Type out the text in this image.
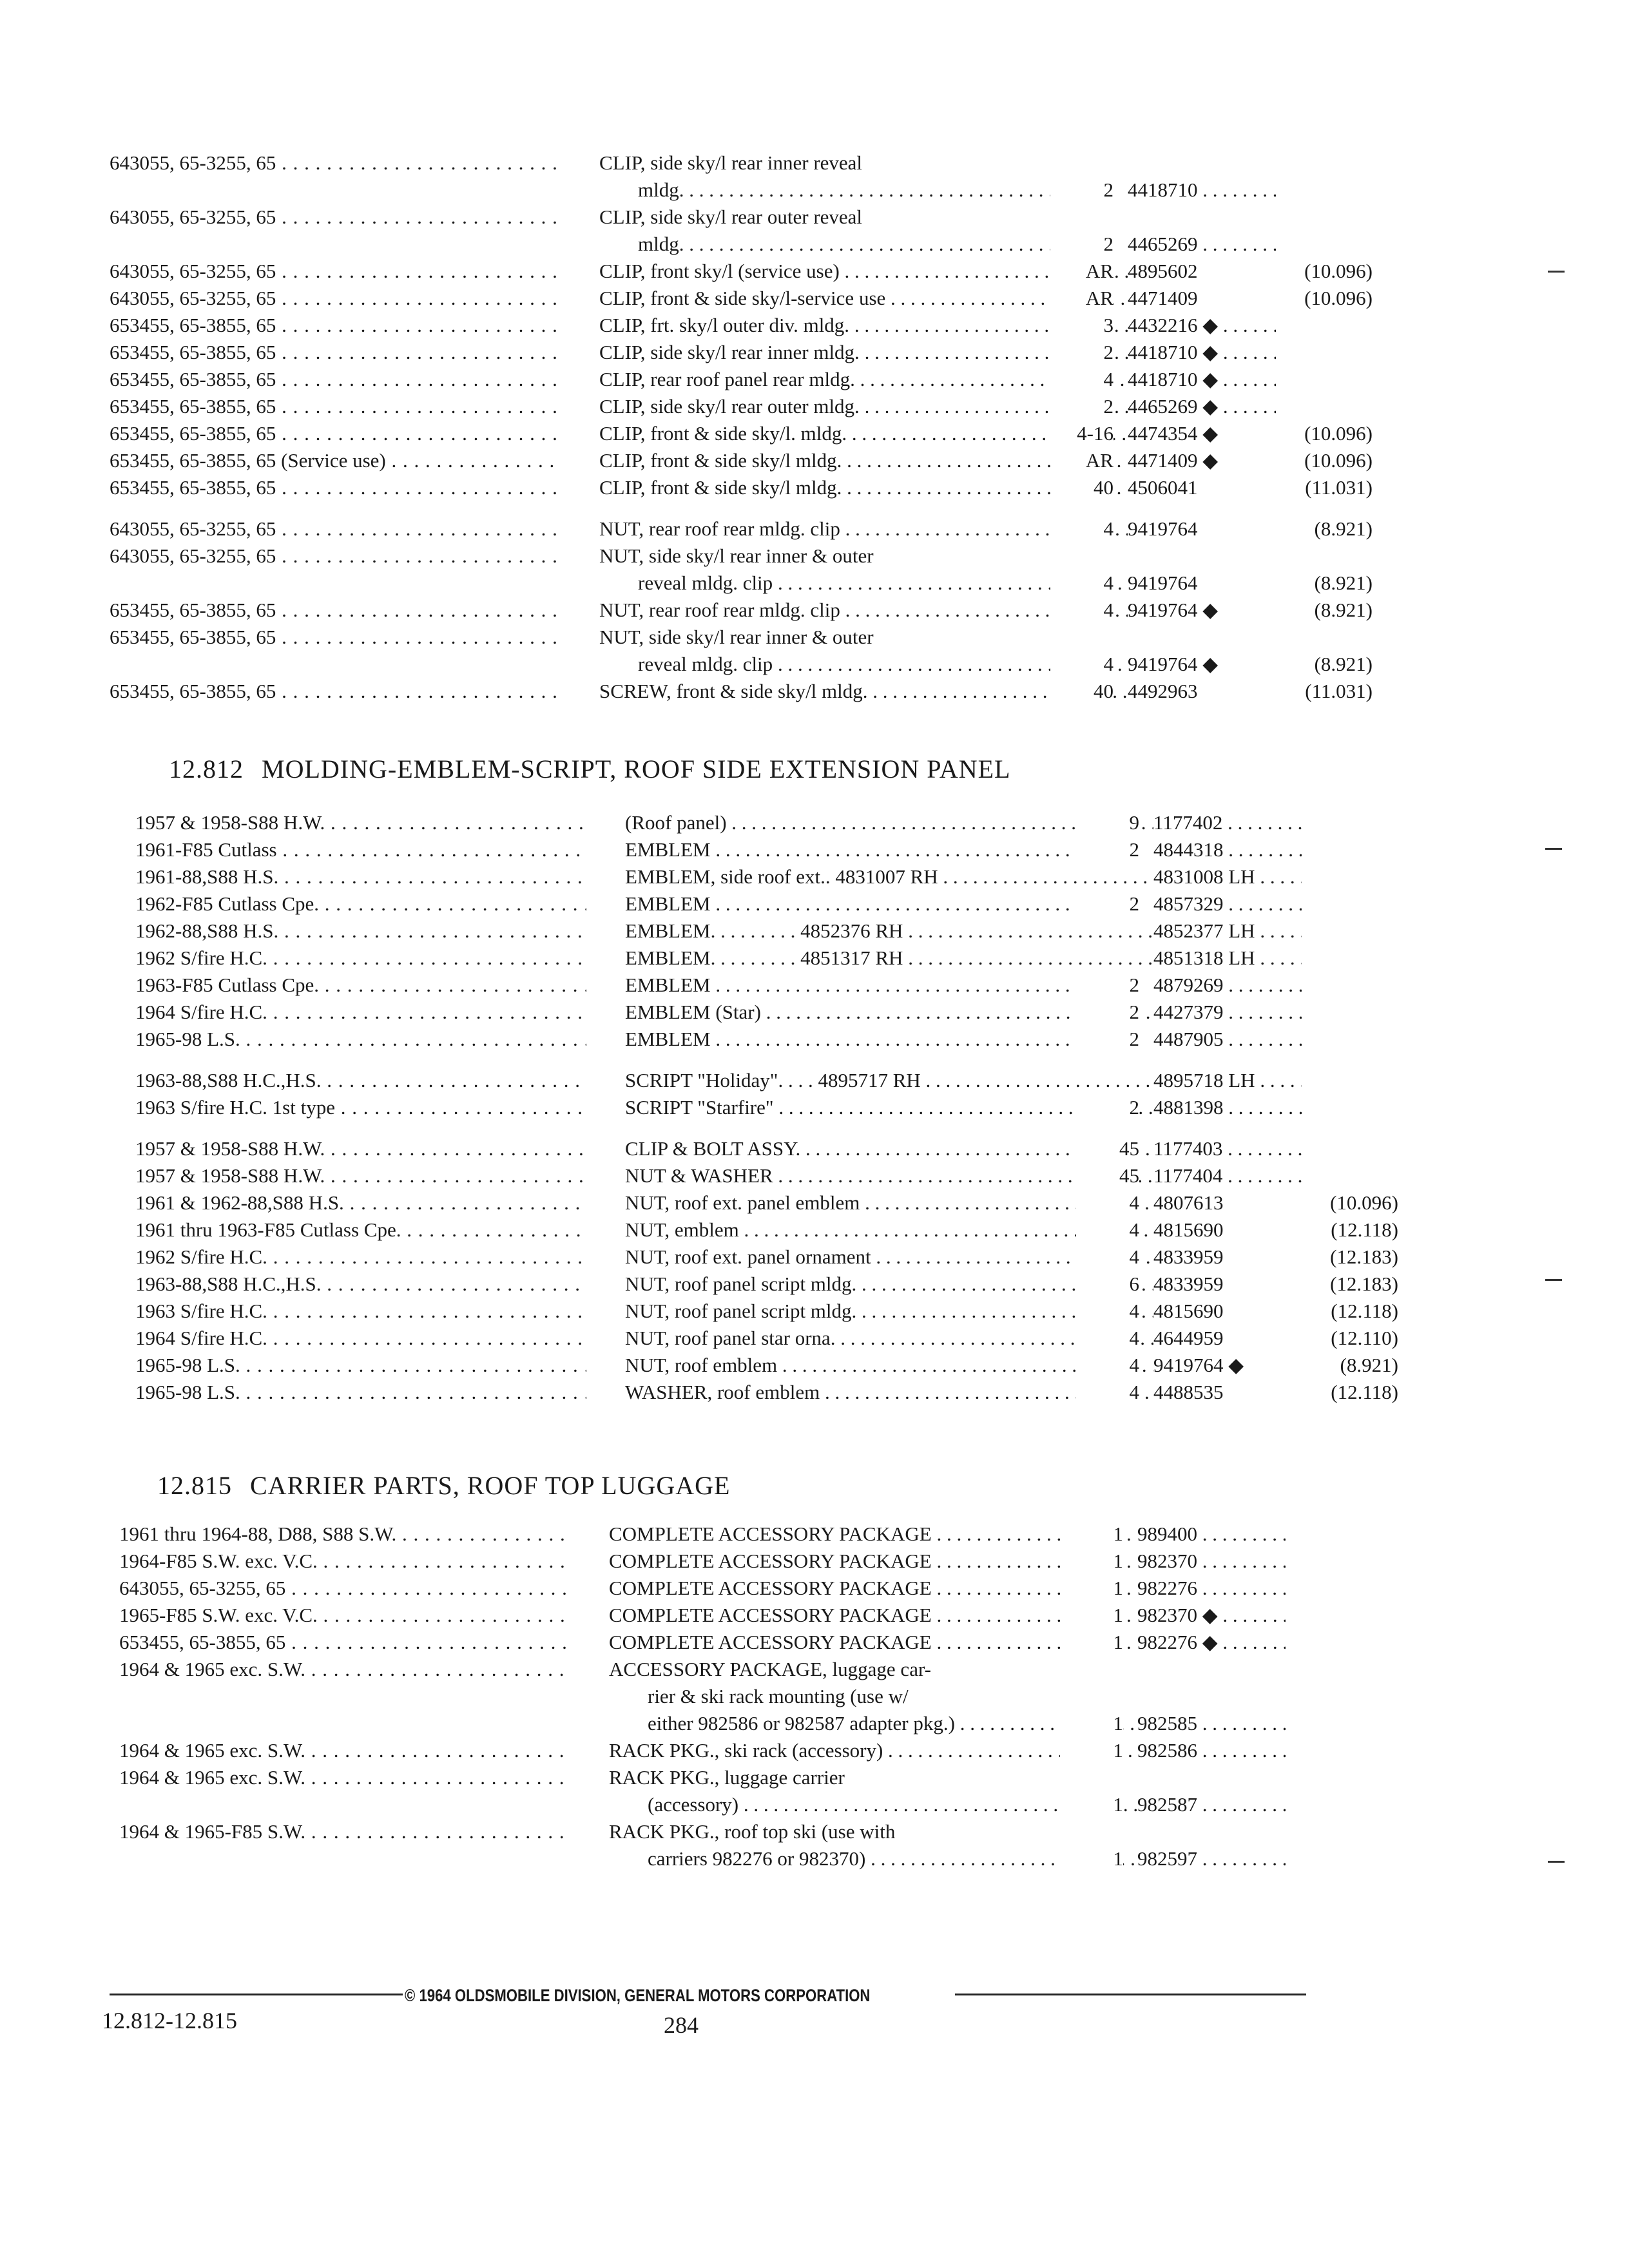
643055, 65-3255, 65 . . .	CLIP, side sky/l rear inner reveal
mldg. . . .	2 4418710 . . .
643055, 65-3255, 65 . . .	CLIP, side sky/l rear outer reveal
mldg. . . .	2 4465269 . . .
643055, 65-3255, 65 . . .	CLIP, front sky/l (service use) . . .	AR 4895602	(10.096)
643055, 65-3255, 65 . . .	CLIP, front & side sky/l-service use . . .	AR 4471409	(10.096)
653455, 65-3855, 65 . . .	CLIP, frt. sky/l outer div. mldg. . . .	3 4432216 ◆ . . .
653455, 65-3855, 65 . . .	CLIP, side sky/l rear inner mldg. . . .	2 4418710 ◆ . . .
653455, 65-3855, 65 . . .	CLIP, rear roof panel rear mldg. . . .	4 4418710 ◆ . . .
653455, 65-3855, 65 . . .	CLIP, side sky/l rear outer mldg. . . .	2 4465269 ◆ . . .
653455, 65-3855, 65 . . .	CLIP, front & side sky/l. mldg. . . .	4-16 4474354 ◆	(10.096)
653455, 65-3855, 65 (Service use) . . .	CLIP, front & side sky/l mldg. . . .	AR 4471409 ◆	(10.096)
653455, 65-3855, 65 . . .	CLIP, front & side sky/l mldg. . . .	40 4506041	(11.031)
643055, 65-3255, 65 . . .	NUT, rear roof rear mldg. clip . . .	4 9419764	(8.921)
643055, 65-3255, 65 . . .	NUT, side sky/l rear inner & outer
reveal mldg. clip . . .	4 9419764	(8.921)
653455, 65-3855, 65 . . .	NUT, rear roof rear mldg. clip . . .	4 9419764 ◆	(8.921)
653455, 65-3855, 65 . . .	NUT, side sky/l rear inner & outer
reveal mldg. clip . . .	4 9419764 ◆	(8.921)
653455, 65-3855, 65 . . .	SCREW, front & side sky/l mldg. . . .	40 4492963	(11.031)
12.812 MOLDING-EMBLEM-SCRIPT, ROOF SIDE EXTENSION PANEL
1957 & 1958-S88 H.W. . . .	(Roof panel) . . .	9 1177402 . . .
1961-F85 Cutlass . . .	EMBLEM . . .	2 4844318 . . .
1961-88,S88 H.S. . . .	EMBLEM, side roof ext.. 4831007 RH . . .	4831008 LH . . .
1962-F85 Cutlass Cpe. . . .	EMBLEM . . .	2 4857329 . . .
1962-88,S88 H.S. . . .	EMBLEM. . . . . . . . . 4852376 RH . . .	4852377 LH . . .
1962 S/fire H.C. . . .	EMBLEM. . . . . . . . . 4851317 RH . . .	4851318 LH . . .
1963-F85 Cutlass Cpe. . . .	EMBLEM . . .	2 4879269 . . .
1964 S/fire H.C. . . .	EMBLEM (Star) . . .	2 4427379 . . .
1965-98 L.S. . . .	EMBLEM . . .	2 4487905 . . .
1963-88,S88 H.C.,H.S. . . .	SCRIPT "Holiday". . . . 4895717 RH . . .	4895718 LH . . .
1963 S/fire H.C. 1st type . . .	SCRIPT "Starfire" . . .	2 4881398 . . .
1957 & 1958-S88 H.W. . . .	CLIP & BOLT ASSY. . . .	45 1177403 . . .
1957 & 1958-S88 H.W. . . .	NUT & WASHER . . .	45 1177404 . . .
1961 & 1962-88,S88 H.S. . . .	NUT, roof ext. panel emblem . . .	4 4807613	(10.096)
1961 thru 1963-F85 Cutlass Cpe. . . .	NUT, emblem . . .	4 4815690	(12.118)
1962 S/fire H.C. . . .	NUT, roof ext. panel ornament . . .	4 4833959	(12.183)
1963-88,S88 H.C.,H.S. . . .	NUT, roof panel script mldg. . . .	6 4833959	(12.183)
1963 S/fire H.C. . . .	NUT, roof panel script mldg. . . .	4 4815690	(12.118)
1964 S/fire H.C. . . .	NUT, roof panel star orna. . . .	4 4644959	(12.110)
1965-98 L.S. . . .	NUT, roof emblem . . .	4 9419764 ◆	(8.921)
1965-98 L.S. . . .	WASHER, roof emblem . . .	4 4488535	(12.118)
12.815 CARRIER PARTS, ROOF TOP LUGGAGE
1961 thru 1964-88, D88, S88 S.W. . . .	COMPLETE ACCESSORY PACKAGE . . . .	1 989400 . . .
1964-F85 S.W. exc. V.C. . . .	COMPLETE ACCESSORY PACKAGE . . . .	1 982370 . . .
643055, 65-3255, 65 . . .	COMPLETE ACCESSORY PACKAGE . . . .	1 982276 . . .
1965-F85 S.W. exc. V.C. . . .	COMPLETE ACCESSORY PACKAGE . . . .	1 982370 ◆ . . .
653455, 65-3855, 65 . . .	COMPLETE ACCESSORY PACKAGE . . . .	1 982276 ◆ . . .
1964 & 1965 exc. S.W. . . .	ACCESSORY PACKAGE, luggage car-
rier & ski rack mounting (use w/
either 982586 or 982587 adapter pkg.) . . .	1 982585 . . .
1964 & 1965 exc. S.W. . . .	RACK PKG., ski rack (accessory) . . . . . .	1 982586 . . .
1964 & 1965 exc. S.W. . . .	RACK PKG., luggage carrier
(accessory) . . .	1 982587 . . .
1964 & 1965-F85 S.W. . . .	RACK PKG., roof top ski (use with
carriers 982276 or 982370) . . .	1 982597 . . .
© 1964 OLDSMOBILE DIVISION, GENERAL MOTORS CORPORATION
12.812-12.815	284
